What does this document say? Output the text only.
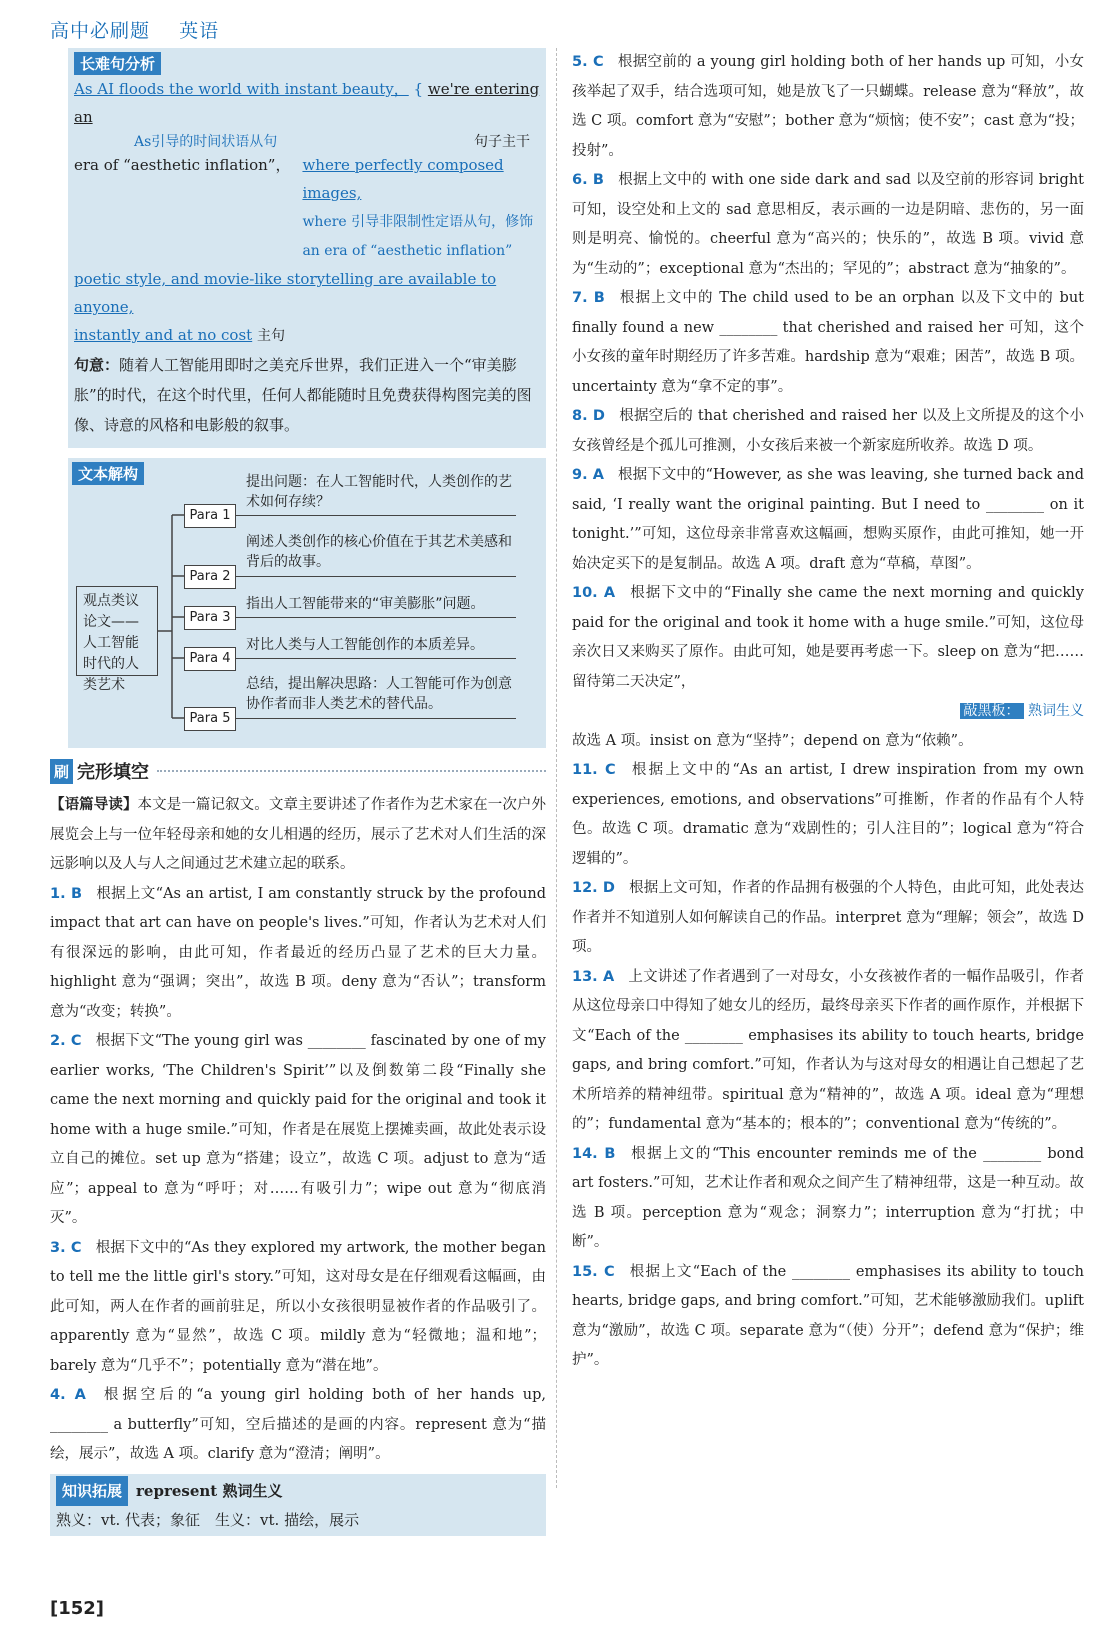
高中必刷题 英语
长难句分析
As AI floods the world with instant beauty， { we're entering an
As引导的时间状语从句	句子主干
era of “aesthetic inflation”， where perfectly composed images,
where 引导非限制性定语从句，修饰 an era of “aesthetic inflation”
poetic style, and movie-like storytelling are available to anyone,
instantly and at no cost 主句
句意：随着人工智能用即时之美充斥世界，我们正进入一个“审美膨胀”的时代，在这个时代里，任何人都能随时且免费获得构图完美的图像、诗意的风格和电影般的叙事。
文本解构
观点类议论文——人工智能时代的人类艺术
Para 1
提出问题：在人工智能时代，人类创作的艺术如何存续？
Para 2
阐述人类创作的核心价值在于其艺术美感和背后的故事。
Para 3
指出人工智能带来的“审美膨胀”问题。
Para 4
对比人类与人工智能创作的本质差异。
Para 5
总结，提出解决思路：人工智能可作为创意协作者而非人类艺术的替代品。
刷 完形填空
【语篇导读】本文是一篇记叙文。文章主要讲述了作者作为艺术家在一次户外展览会上与一位年轻母亲和她的女儿相遇的经历，展示了艺术对人们生活的深远影响以及人与人之间通过艺术建立起的联系。
1. B 根据上文“As an artist, I am constantly struck by the profound impact that art can have on people's lives.”可知，作者认为艺术对人们有很深远的影响，由此可知，作者最近的经历凸显了艺术的巨大力量。highlight 意为“强调；突出”，故选 B 项。deny 意为“否认”；transform 意为“改变；转换”。
2. C 根据下文“The young girl was ________ fascinated by one of my earlier works, ‘The Children's Spirit’”以及倒数第二段“Finally she came the next morning and quickly paid for the original and took it home with a huge smile.”可知，作者是在展览上摆摊卖画，故此处表示设立自己的摊位。set up 意为“搭建；设立”，故选 C 项。adjust to 意为“适应”；appeal to 意为“呼吁；对……有吸引力”；wipe out 意为“彻底消灭”。
3. C 根据下文中的“As they explored my artwork, the mother began to tell me the little girl's story.”可知，这对母女是在仔细观看这幅画，由此可知，两人在作者的画前驻足，所以小女孩很明显被作者的作品吸引了。apparently 意为“显然”，故选 C 项。mildly 意为“轻微地；温和地”；barely 意为“几乎不”；potentially 意为“潜在地”。
4. A 根据空后的“a young girl holding both of her hands up, ________ a butterfly”可知，空后描述的是画的内容。represent 意为“描绘，展示”，故选 A 项。clarify 意为“澄清；阐明”。
知识拓展 represent 熟词生义
熟义：vt. 代表；象征　生义：vt. 描绘，展示
5. C 根据空前的 a young girl holding both of her hands up 可知，小女孩举起了双手，结合选项可知，她是放飞了一只蝴蝶。release 意为“释放”，故选 C 项。comfort 意为“安慰”；bother 意为“烦恼；使不安”；cast 意为“投；投射”。
6. B 根据上文中的 with one side dark and sad 以及空前的形容词 bright 可知，设空处和上文的 sad 意思相反，表示画的一边是阴暗、悲伤的，另一面则是明亮、愉悦的。cheerful 意为“高兴的；快乐的”，故选 B 项。vivid 意为“生动的”；exceptional 意为“杰出的；罕见的”；abstract 意为“抽象的”。
7. B 根据上文中的 The child used to be an orphan 以及下文中的 but finally found a new ________ that cherished and raised her 可知，这个小女孩的童年时期经历了许多苦难。hardship 意为“艰难；困苦”，故选 B 项。uncertainty 意为“拿不定的事”。
8. D 根据空后的 that cherished and raised her 以及上文所提及的这个小女孩曾经是个孤儿可推测，小女孩后来被一个新家庭所收养。故选 D 项。
9. A 根据下文中的“However, as she was leaving, she turned back and said, ‘I really want the original painting. But I need to ________ on it tonight.’”可知，这位母亲非常喜欢这幅画，想购买原作，由此可推知，她一开始决定买下的是复制品。故选 A 项。draft 意为“草稿，草图”。
10. A 根据下文中的“Finally she came the next morning and quickly paid for the original and took it home with a huge smile.”可知，这位母亲次日又来购买了原作。由此可知，她是要再考虑一下。sleep on 意为“把……留待第二天决定”，
敲黑板： 熟词生义
故选 A 项。insist on 意为“坚持”；depend on 意为“依赖”。
11. C 根据上文中的“As an artist, I drew inspiration from my own experiences, emotions, and observations”可推断，作者的作品有个人特色。故选 C 项。dramatic 意为“戏剧性的；引人注目的”；logical 意为“符合逻辑的”。
12. D 根据上文可知，作者的作品拥有极强的个人特色，由此可知，此处表达作者并不知道别人如何解读自己的作品。interpret 意为“理解；领会”，故选 D 项。
13. A 上文讲述了作者遇到了一对母女，小女孩被作者的一幅作品吸引，作者从这位母亲口中得知了她女儿的经历，最终母亲买下作者的画作原作，并根据下文“Each of the ________ emphasises its ability to touch hearts, bridge gaps, and bring comfort.”可知，作者认为与这对母女的相遇让自己想起了艺术所培养的精神纽带。spiritual 意为“精神的”，故选 A 项。ideal 意为“理想的”；fundamental 意为“基本的；根本的”；conventional 意为“传统的”。
14. B 根据上文的“This encounter reminds me of the ________ bond art fosters.”可知，艺术让作者和观众之间产生了精神纽带，这是一种互动。故选 B 项。perception 意为“观念；洞察力”；interruption 意为“打扰；中断”。
15. C 根据上文“Each of the ________ emphasises its ability to touch hearts, bridge gaps, and bring comfort.”可知，艺术能够激励我们。uplift 意为“激励”，故选 C 项。separate 意为“（使）分开”；defend 意为“保护；维护”。
[152]
